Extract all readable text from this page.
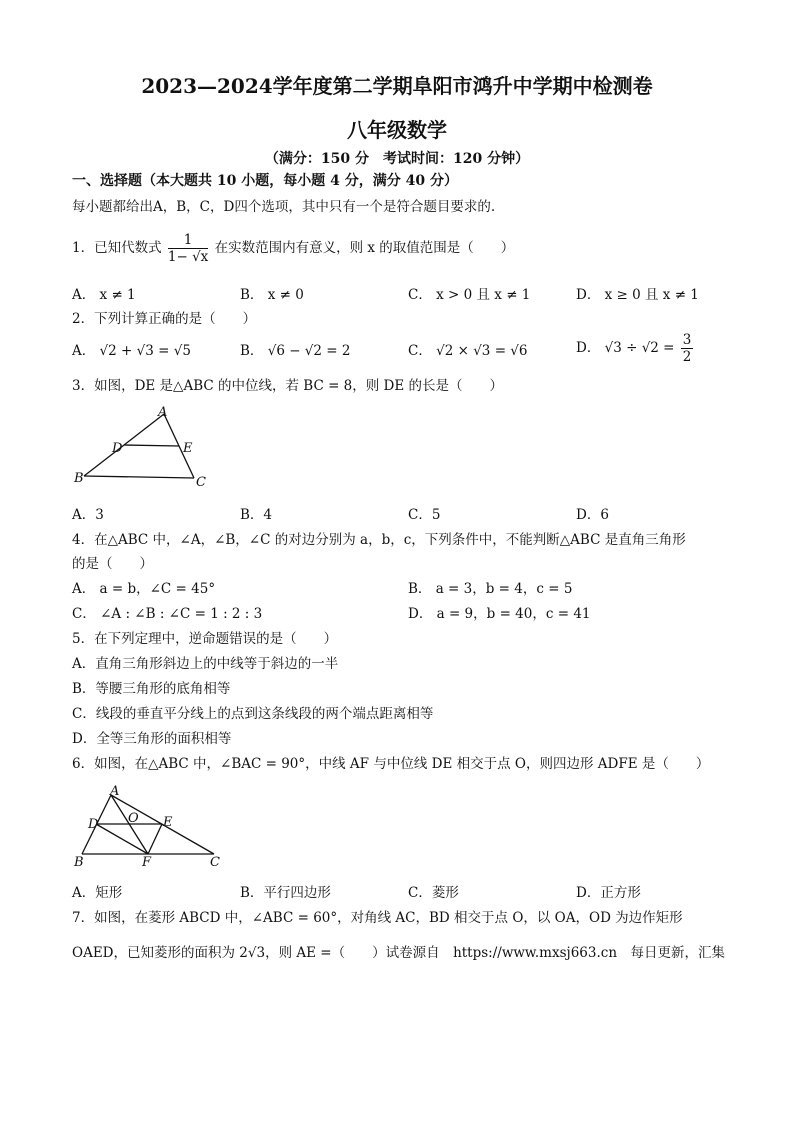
2023—2024学年度第二学期阜阳市鸿升中学期中检测卷
八年级数学
（满分：150 分　考试时间：120 分钟）
一、选择题（本大题共 10 小题，每小题 4 分，满分 40 分）
每小题都给出A，B，C，D四个选项，其中只有一个是符合题目要求的.
1．已知代数式 $\frac{1}{1- √x}$ 在实数范围内有意义，则 x 的取值范围是（　　）
A． x ≠ 1	B． x ≠ 0	C． x > 0 且 x ≠ 1	D． x ≥ 0 且 x ≠ 1
2．下列计算正确的是（　　）
A． √2 + √3 = √5	B． √6 − √2 = 2	C． √2 × √3 = √6	D． $√3 \div √2 = \frac{3}{2}$
3．如图，DE 是△ABC 的中位线，若 BC = 8，则 DE 的长是（　　）
A
D	E
B	C
A．3	B．4	C．5	D．6
4．在△ABC 中，∠A，∠B，∠C 的对边分别为 a，b，c，下列条件中，不能判断△ABC 是直角三角形
的是（　　）
A． a = b，∠C = 45°	B． a = 3，b = 4，c = 5
C． ∠A : ∠B : ∠C = 1 : 2 : 3	D． a = 9，b = 40，c = 41
5．在下列定理中，逆命题错误的是（　　）
A．直角三角形斜边上的中线等于斜边的一半
B．等腰三角形的底角相等
C．线段的垂直平分线上的点到这条线段的两个端点距离相等
D．全等三角形的面积相等
6．如图，在△ABC 中，∠BAC = 90°，中线 AF 与中位线 DE 相交于点 O，则四边形 ADFE 是（　　）
A
D O E
B	F	C
A．矩形	B．平行四边形	C．菱形	D．正方形
7．如图，在菱形 ABCD 中，∠ABC = 60°，对角线 AC，BD 相交于点 O，以 OA，OD 为边作矩形
OAED，已知菱形的面积为 2√3，则 AE =（　　）试卷源自　https://www.mxsj663.cn　每日更新，汇集
